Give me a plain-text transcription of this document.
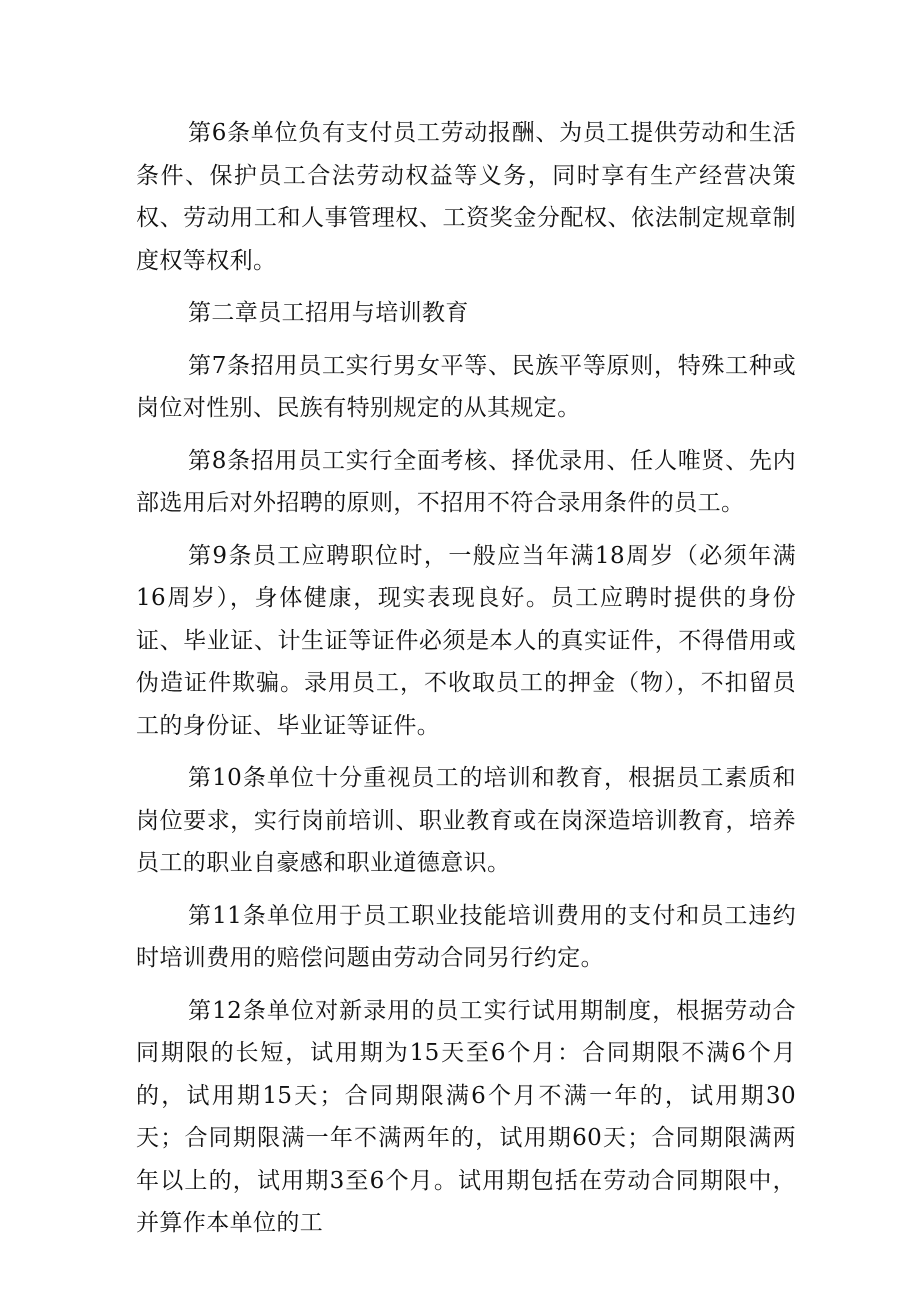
第6条单位负有支付员工劳动报酬、为员工提供劳动和生活条件、保护员工合法劳动权益等义务，同时享有生产经营决策权、劳动用工和人事管理权、工资奖金分配权、依法制定规章制度权等权利。

第二章员工招用与培训教育

第7条招用员工实行男女平等、民族平等原则，特殊工种或岗位对性别、民族有特别规定的从其规定。

第8条招用员工实行全面考核、择优录用、任人唯贤、先内部选用后对外招聘的原则，不招用不符合录用条件的员工。

第9条员工应聘职位时，一般应当年满18周岁（必须年满16周岁），身体健康，现实表现良好。员工应聘时提供的身份证、毕业证、计生证等证件必须是本人的真实证件，不得借用或伪造证件欺骗。录用员工，不收取员工的押金（物），不扣留员工的身份证、毕业证等证件。

第10条单位十分重视员工的培训和教育，根据员工素质和岗位要求，实行岗前培训、职业教育或在岗深造培训教育，培养员工的职业自豪感和职业道德意识。

第11条单位用于员工职业技能培训费用的支付和员工违约时培训费用的赔偿问题由劳动合同另行约定。

第12条单位对新录用的员工实行试用期制度，根据劳动合同期限的长短，试用期为15天至6个月：合同期限不满6个月的，试用期15天；合同期限满6个月不满一年的，试用期30天；合同期限满一年不满两年的，试用期60天；合同期限满两年以上的，试用期3至6个月。试用期包括在劳动合同期限中，并算作本单位的工
